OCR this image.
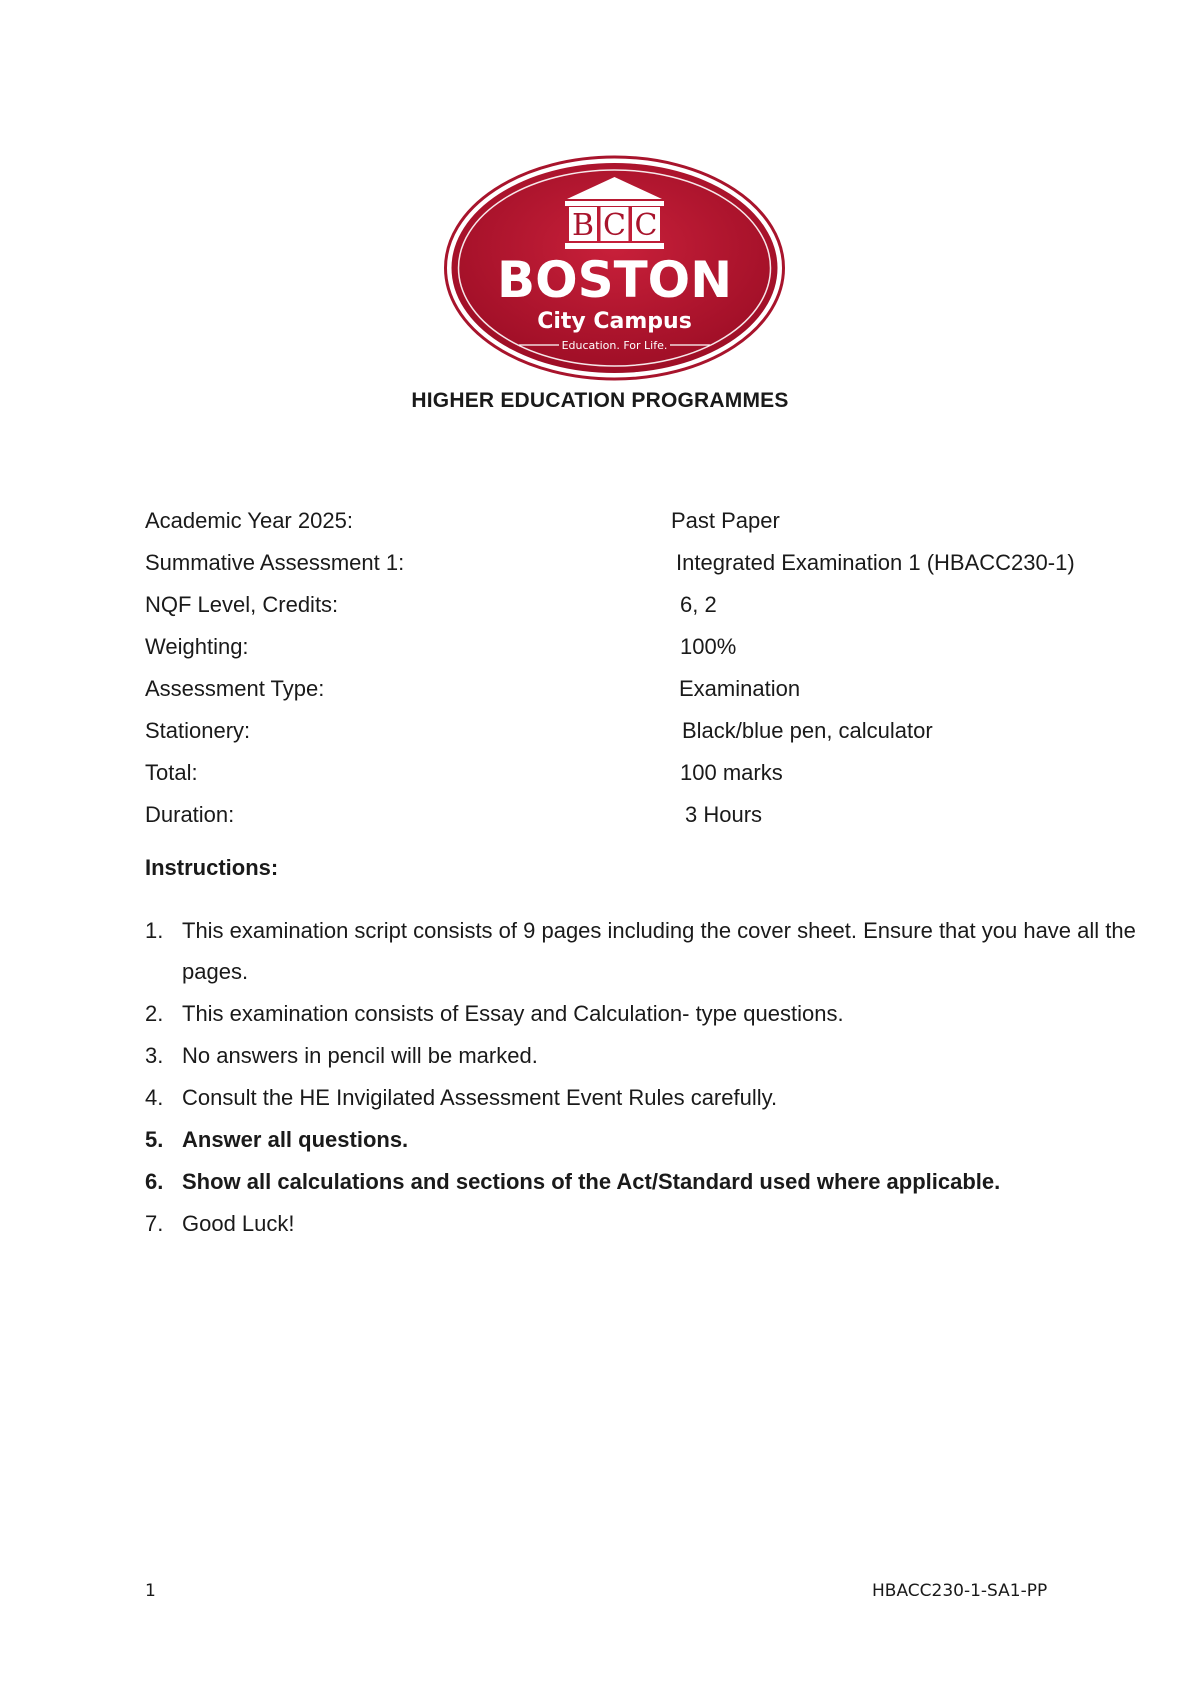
B C C
BOSTON
City Campus
Education. For Life.
HIGHER EDUCATION PROGRAMMES
Academic Year 2025:	Past Paper
Summative Assessment 1:	Integrated Examination 1 (HBACC230-1)
NQF Level, Credits:	6, 2
Weighting:	100%
Assessment Type:	Examination
Stationery:	Black/blue pen, calculator
Total:	100 marks
Duration:	3 Hours
Instructions:
1. This examination script consists of 9 pages including the cover sheet. Ensure that you have all the pages.
2. This examination consists of Essay and Calculation- type questions.
3. No answers in pencil will be marked.
4. Consult the HE Invigilated Assessment Event Rules carefully.
5. Answer all questions.
6. Show all calculations and sections of the Act/Standard used where applicable.
7. Good Luck!
1	HBACC230-1-SA1-PP
